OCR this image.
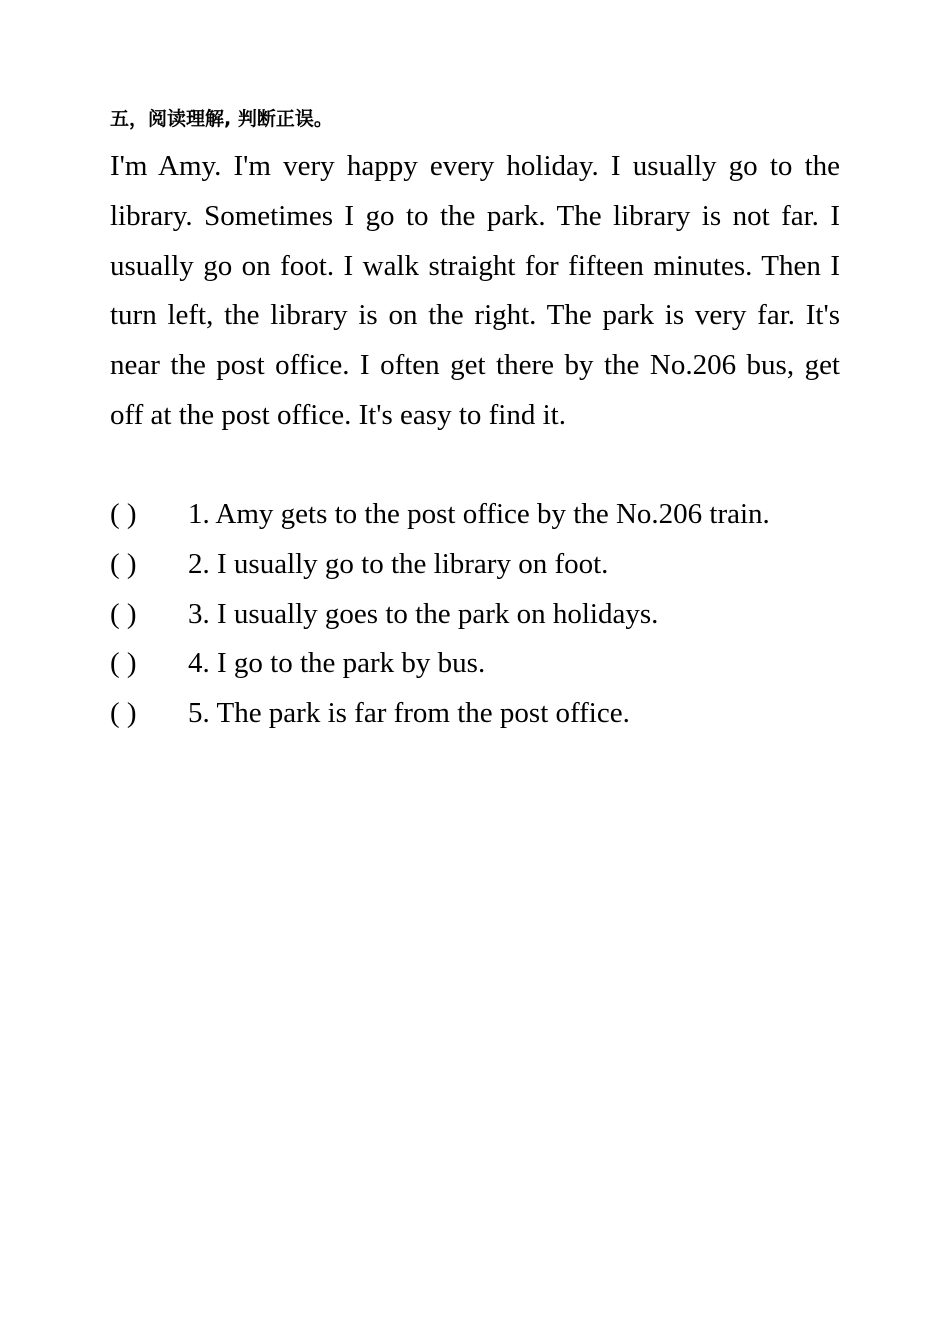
五，阅读理解, 判断正误。

I'm Amy. I'm very happy every holiday. I usually go to the library. Sometimes I go to the park. The library is not far. I usually go on foot. I walk straight for fifteen minutes. Then I turn left, the library is on the right. The park is very far. It's near the post office. I often get there by the No.206 bus, get off at the post office. It's easy to find it.

( )	1. Amy gets to the post office by the No.206 train.
( )	2. I usually go to the library on foot.
( )	3. I usually goes to the park on holidays.
( )	4. I go to the park by bus.
( )	5. The park is far from the post office.
